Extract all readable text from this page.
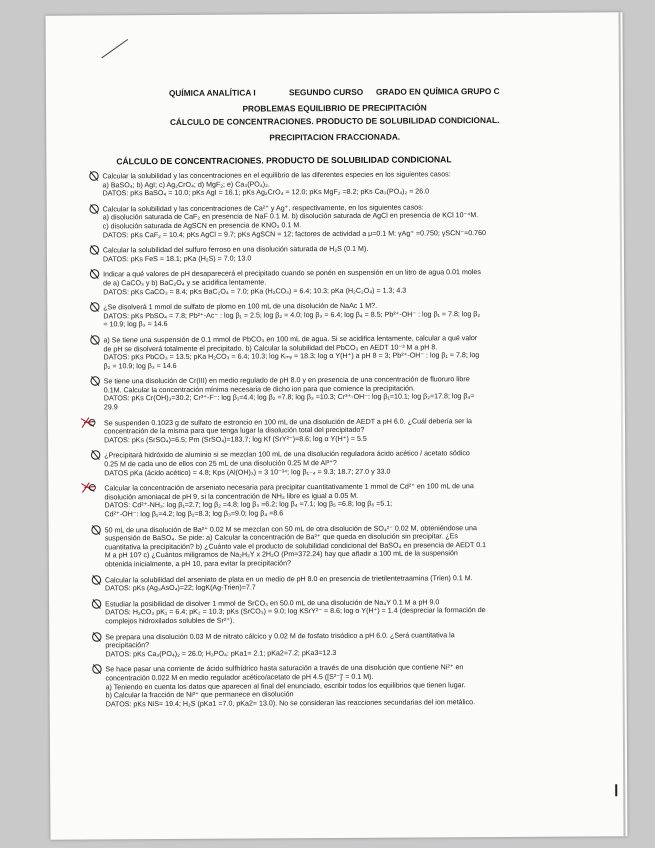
QUÍMICA ANALÍTICA I	SEGUNDO CURSO GRADO EN QUÍMICA GRUPO C
PROBLEMAS EQUILIBRIO DE PRECIPITACIÓN
CÁLCULO DE CONCENTRACIONES. PRODUCTO DE SOLUBILIDAD CONDICIONAL.
PRECIPITACION FRACCIONADA.
CÁLCULO DE CONCENTRACIONES. PRODUCTO DE SOLUBILIDAD CONDICIONAL
Calcular la solubilidad y las concentraciones en el equilibrio de las diferentes especies en los siguientes casos:
a) BaSO₄; b) AgI; c) Ag₂CrO₄; d) MgF₂; e) Ca₃(PO₄)₂.
DATOS: pKs BaSO₄ = 10.0; pKs AgI = 16.1; pKs Ag₂CrO₄ = 12.0; pKs MgF₂ =8.2; pKs Ca₃(PO₄)₂ = 26.0
Calcular la solubilidad y las concentraciones de Ca²⁺ y Ag⁺, respectivamente, en los siguientes casos:
a) disolución saturada de CaF₂ en presencia de NaF 0.1 M. b) disolución saturada de AgCl en presencia de KCl 10⁻⁴M.
c) disolución saturada de AgSCN en presencia de KNO₃ 0.1 M.
DATOS: pKs CaF₂ = 10.4; pKs AgCl = 9.7; pKs AgSCN = 12; factores de actividad a μ=0.1 M: γAg⁺ =0.750; γSCN⁻=0.760
Calcular la solubilidad del sulfuro ferroso en una disolución saturada de H₂S (0.1 M).
DATOS: pKs FeS = 18.1; pKa (H₂S) = 7.0; 13.0
Indicar a qué valores de pH desaparecerá el precipitado cuando se ponén en suspensión en un litro de agua 0.01 moles
de a) CaCO₃ y b) BaC₂O₄ y se acidifica lentamente.
DATOS: pKs CaCO₃ = 8.4; pKs BaC₂O₄ = 7.0; pKa (H₂CO₃) = 6.4; 10.3; pKa (H₂C₂O₄) = 1.3; 4.3
¿Se disolverá 1 mmol de sulfato de plomo en 100 mL de una disolución de NaAc 1 M?.
DATOS: pKs PbSO₄ = 7.8; Pb²⁺-Ac⁻ : log β₁ = 2.5; log β₂ = 4.0; log β₃ = 6.4; log β₄ = 8.5; Pb²⁺-OH⁻ : log β₁ = 7.8; log β₂
= 10.9; log β₃ = 14.6
a) Se tiene una suspensión de 0.1 mmol de PbCO₃ en 100 mL de agua. Si se acidifica lentamente, calcular a qué valor
de pH se disolverá totalmente el precipitado. b) Calcular la solubilidad del PbCO₃ en AEDT 10⁻³ M a pH 8.
DATOS: pKs PbCO₃ = 13.5; pKa H₂CO₃ = 6.4; 10.3; log Kₘᵧ = 18.3; log α Y(H⁺) a pH 8 = 3; Pb²⁺-OH⁻ : log β₁ = 7.8; log
β₂ = 10.9; log β₃ = 14.6
Se tiene una disolución de Cr(III) en medio regulado de pH 8.0 y en presencia de una concentración de fluoruro libre
0.1M. Calcular la concentración mínima necesaria de dicho ion para que comience la precipitación.
DATOS: pKs Cr(OH)₃=30.2; Cr³⁺-F⁻: log β₁=4.4; log β₂ =7.8; log β₃ =10.3; Cr³⁺-OH⁻: log β₁=10.1; log β₂=17.8; log β₄=
29.9
Se suspenden 0.1023 g de sulfato de estroncio en 100 mL de una disolución de AEDT a pH 6.0. ¿Cuál debería ser la
concentración de la misma para que tenga lugar la disolución total del precipitado?
DATOS: pKs (SrSO₄)=6.5; Pm (SrSO₄)=183.7; log Kf (SrY²⁻)=8.6; log α Y(H⁺) = 5.5
¿Precipitará hidróxido de aluminio si se mezclan 100 mL de una disolución reguladora ácido acético / acetato sódico
0.25 M de cada uno de ellos con 25 mL de una disolución 0.25 M de Al³⁺?
DATOS pKa (ácido acético) = 4.8; Kps (Al(OH)₃) = 3 10⁻³⁴; log β₁₋₄ = 9.3; 18.7; 27.0 y 33.0
Calcular la concentración de arseniato necesaria para precipitar cuantitativamente 1 mmol de Cd²⁺ en 100 mL de una
disolución amoniacal de pH 9, si la concentración de NH₃ libre es igual a 0.05 M.
DATOS: Cd²⁺-NH₃: log β₁=2.7; log β₂ =4.8; log β₃ =6.2; log β₄ =7.1; log β₅ =6.8; log β₆ =5.1;
Cd²⁺-OH⁻: log β₁=4.2; log β₂=8.3; log β₃=9.0; log β₄ =8.6
50 mL de una disolución de Ba²⁺ 0.02 M se mezclan con 50 mL de otra disolución de SO₄²⁻ 0.02 M, obteniéndose una
suspensión de BaSO₄. Se pide: a) Calcular la concentración de Ba²⁺ que queda en disolución sin precipitar. ¿Es
cuantitativa la precipitación? b) ¿Cuánto vale el producto de solubilidad condicional del BaSO₄ en presencia de AEDT 0.1
M a pH 10? c) ¿Cuántos miligramos de Na₂H₂Y x 2H₂O (Pm=372.24) hay que añadir a 100 mL de la suspensión
obtenida inicialmente, a pH 10, para evitar la precipitación?
Calcular la solubilidad del arseniato de plata en un medio de pH 8.0 en presencia de trietilentetraamina (Trien) 0.1 M.
DATOS: pKs (Ag₃AsO₄)=22; logK(Ag-Trien)=7.7
Estudiar la posibilidad de disolver 1 mmol de SrCO₃ en 50.0 mL de una disolución de Na₄Y 0.1 M a pH 9.0
DATOS: H₂CO₃ pK₁ = 6.4; pK₂ = 10.3; pKs (SrCO₃) = 9.0; log KSrY²⁻ = 8.6; log α Y(H⁺) = 1.4 (despreciar la formación de
complejos hidroxilados solubles de Sr²⁺).
Se prepara una disolución 0.03 M de nitrato cálcico y 0.02 M de fosfato trisódico a pH 6.0. ¿Será cuantitativa la
precipitación?
DATOS: pKs Ca₃(PO₄)₂ = 26.0; H₃PO₄: pKa1= 2.1; pKa2=7.2; pKa3=12.3
Se hace pasar una corriente de ácido sulfhídrico hasta saturación a través de una disolución que contiene Ni²⁺ en
concentración 0.022 M en medio regulador acético/acetato de pH 4.5 ([S²⁻]' = 0.1 M).
a) Teniendo en cuenta los datos que aparecen al final del enunciado, escribir todos los equilibrios que tienen lugar.
b) Calcular la fracción de Ni²⁺ que permanece en disolución
DATOS: pKs NiS= 19.4; H₂S (pKa1 =7.0, pKa2= 13.0). No se consideran las reacciones secundarias del ion metálico.
